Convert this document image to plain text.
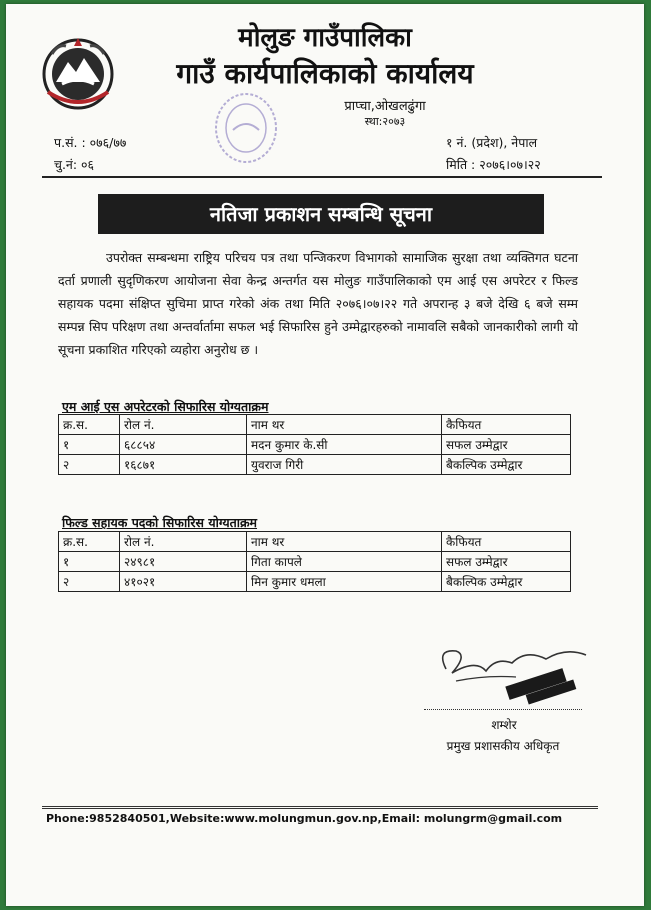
मोलुङ गाउँपालिका
गाउँ कार्यपालिकाको कार्यालय
प्राप्चा,ओखलढुंगा
स्था:२०७३
प.सं. : ०७६/७७
चु.नं: ०६
१ नं. (प्रदेश), नेपाल
मिति : २०७६।०७।२२
नतिजा प्रकाशन सम्बन्धि सूचना
उपरोक्त सम्बन्धमा राष्ट्रिय परिचय पत्र तथा पन्जिकरण विभागको सामाजिक सुरक्षा तथा व्यक्तिगत घटना दर्ता प्रणाली सुदृणिकरण आयोजना सेवा केन्द्र अन्तर्गत यस मोलुङ गाउँपालिकाको एम आई एस अपरेटर र फिल्ड सहायक पदमा संक्षिप्त सुचिमा प्राप्त गरेको अंक तथा मिति २०७६।०७।२२ गते अपरान्ह ३ बजे देखि ६ बजे सम्म सम्पन्न सिप परिक्षण तथा अन्तर्वार्तामा सफल भई सिफारिस हुने उम्मेद्वारहरुको नामावलि सबैको जानकारीको लागी यो सूचना प्रकाशित गरिएको व्यहोरा अनुरोध छ ।
एम आई एस अपरेटरको सिफारिस योग्यताक्रम
क्र.स.	रोल नं.	नाम थर	कैफियत
१	६८८५४	मदन कुमार के.सी	सफल उम्मेद्वार
२	१६८७१	युवराज गिरी	बैकल्पिक उम्मेद्वार
फिल्ड सहायक पदको सिफारिस योग्यताक्रम
क्र.स.	रोल नं.	नाम थर	कैफियत
१	२४९८१	गिता कापले	सफल उम्मेद्वार
२	४१०२१	मिन कुमार धमला	बैकल्पिक उम्मेद्वार
शम्शेर
प्रमुख प्रशासकीय अधिकृत
Phone:9852840501,Website:www.molungmun.gov.np,Email: molungrm@gmail.com
